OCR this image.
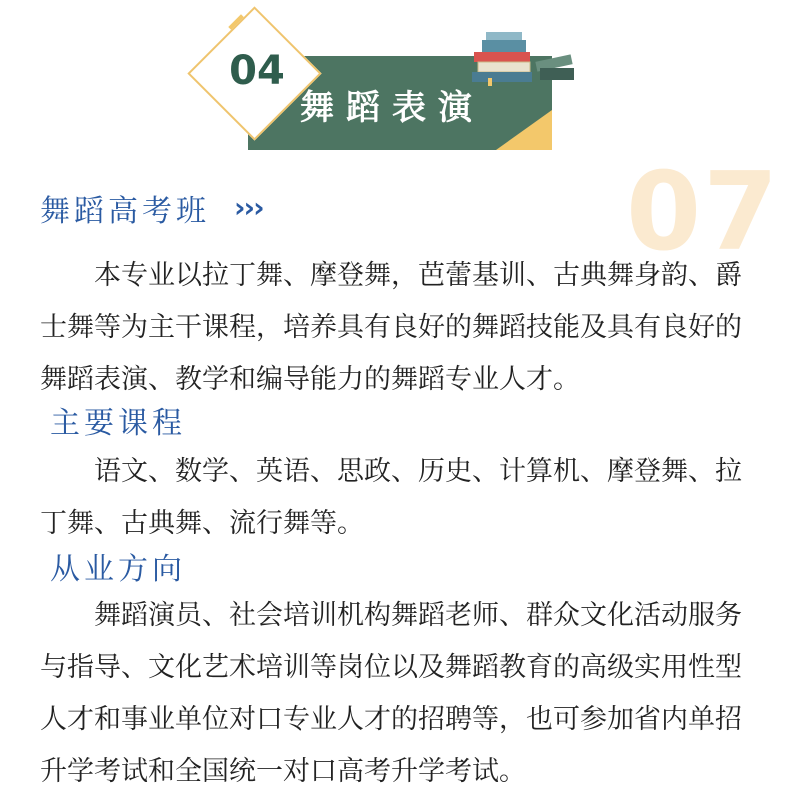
04
舞蹈表演
07
舞蹈高考班 ›››

本专业以拉丁舞、摩登舞，芭蕾基训、古典舞身韵、爵士舞等为主干课程，培养具有良好的舞蹈技能及具有良好的舞蹈表演、教学和编导能力的舞蹈专业人才。

主要课程

语文、数学、英语、思政、历史、计算机、摩登舞、拉丁舞、古典舞、流行舞等。

从业方向

舞蹈演员、社会培训机构舞蹈老师、群众文化活动服务与指导、文化艺术培训等岗位以及舞蹈教育的高级实用性型人才和事业单位对口专业人才的招聘等，也可参加省内单招升学考试和全国统一对口高考升学考试。
